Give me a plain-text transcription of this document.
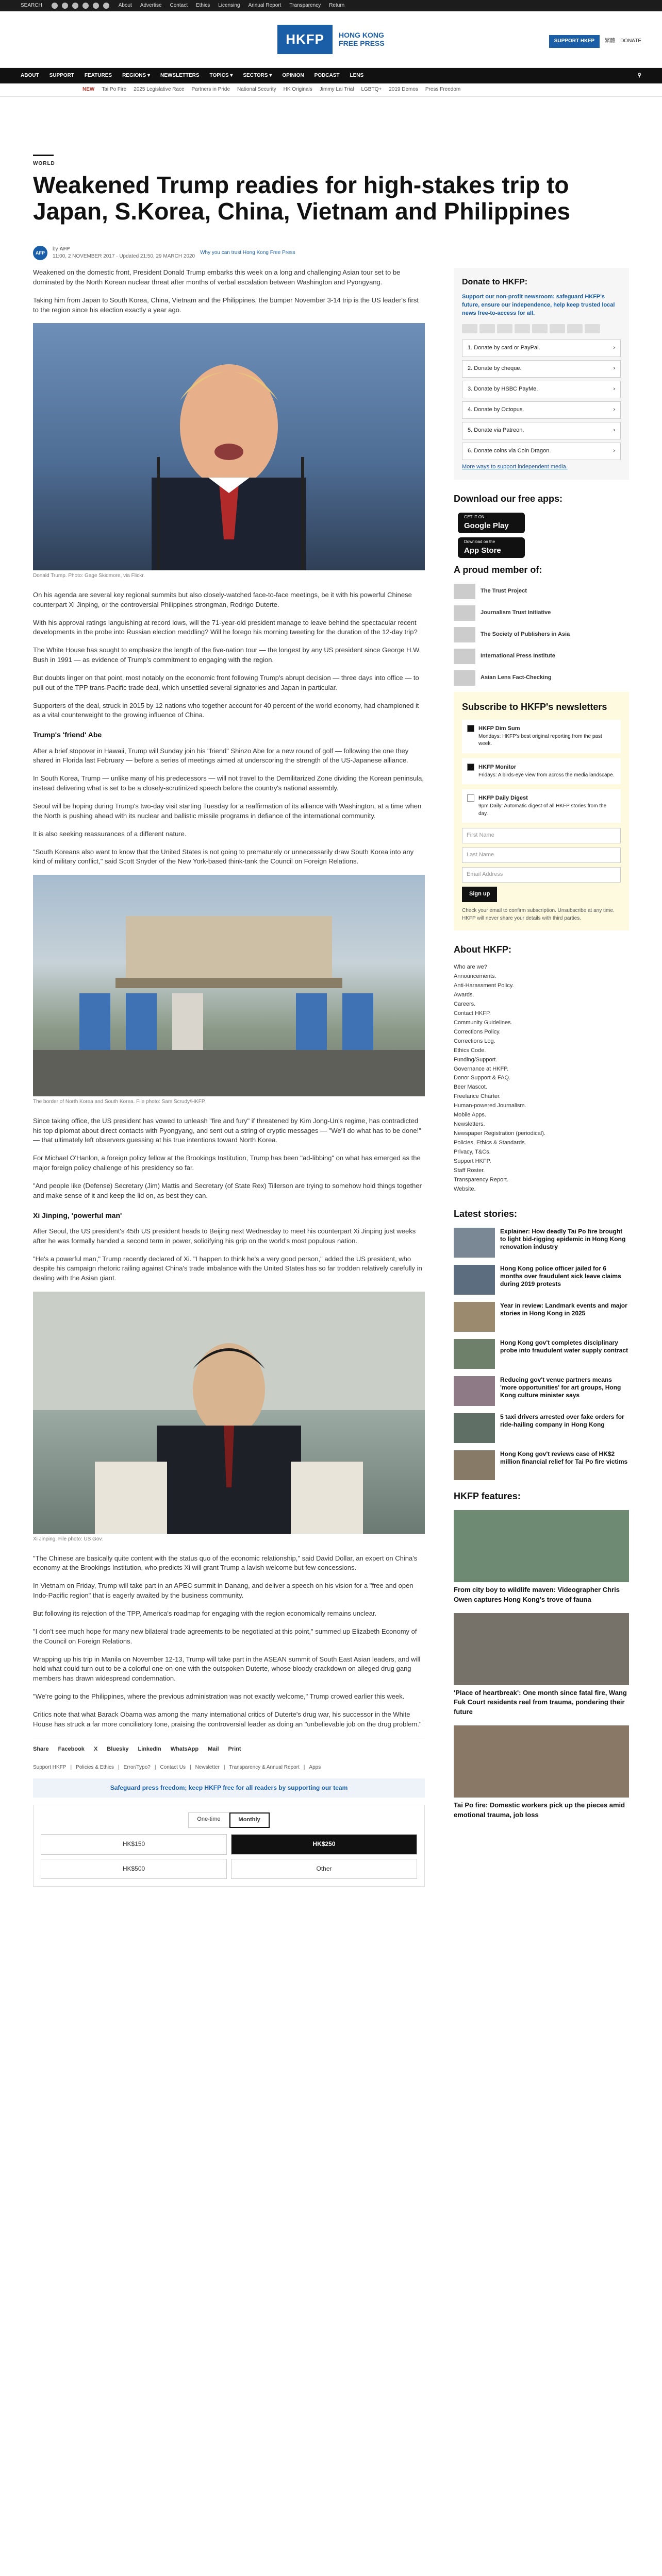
SEARCH	About Advertise Contact Ethics Licensing Annual Report Transparency Return
HKFP	HONG KONG
FREE PRESS	SUPPORT HKFP	繁體 DONATE
ABOUT SUPPORT FEATURES REGIONS ▾ NEWSLETTERS TOPICS ▾ SECTORS ▾ OPINION PODCAST LENS	⚲
NEW Tai Po Fire 2025 Legislative Race Partners in Pride National Security HK Originals Jimmy Lai Trial LGBTQ+ 2019 Demos Press Freedom
WORLD
Weakened Trump readies for high-stakes trip to Japan, S.Korea, China, Vietnam and Philippines
AFP
by AFP
11:00, 2 NOVEMBER 2017 · Updated 21:50, 29 MARCH 2020
Why you can trust Hong Kong Free Press

Weakened on the domestic front, President Donald Trump embarks this week on a long and challenging Asian tour set to be dominated by the North Korean nuclear threat after months of verbal escalation between Washington and Pyongyang.

Taking him from Japan to South Korea, China, Vietnam and the Philippines, the bumper November 3-14 trip is the US leader's first to the region since his election exactly a year ago.

Donald Trump. Photo: Gage Skidmore, via Flickr.

On his agenda are several key regional summits but also closely-watched face-to-face meetings, be it with his powerful Chinese counterpart Xi Jinping, or the controversial Philippines strongman, Rodrigo Duterte.

With his approval ratings languishing at record lows, will the 71-year-old president manage to leave behind the spectacular recent developments in the probe into Russian election meddling? Will he forego his morning tweeting for the duration of the 12-day trip?

The White House has sought to emphasize the length of the five-nation tour — the longest by any US president since George H.W. Bush in 1991 — as evidence of Trump's commitment to engaging with the region.

But doubts linger on that point, most notably on the economic front following Trump's abrupt decision — three days into office — to pull out of the TPP trans-Pacific trade deal, which unsettled several signatories and Japan in particular.

Supporters of the deal, struck in 2015 by 12 nations who together account for 40 percent of the world economy, had championed it as a vital counterweight to the growing influence of China.

Trump's 'friend' Abe

After a brief stopover in Hawaii, Trump will Sunday join his "friend" Shinzo Abe for a new round of golf — following the one they shared in Florida last February — before a series of meetings aimed at underscoring the strength of the US-Japanese alliance.

In South Korea, Trump — unlike many of his predecessors — will not travel to the Demilitarized Zone dividing the Korean peninsula, instead delivering what is set to be a closely-scrutinized speech before the country's national assembly.

Seoul will be hoping during Trump's two-day visit starting Tuesday for a reaffirmation of its alliance with Washington, at a time when the North is pushing ahead with its nuclear and ballistic missile programs in defiance of the international community.

It is also seeking reassurances of a different nature.

"South Koreans also want to know that the United States is not going to prematurely or unnecessarily draw South Korea into any kind of military conflict," said Scott Snyder of the New York-based think-tank the Council on Foreign Relations.

The border of North Korea and South Korea. File photo: Sam Scrudy/HKFP.

Since taking office, the US president has vowed to unleash "fire and fury" if threatened by Kim Jong-Un's regime, has contradicted his top diplomat about direct contacts with Pyongyang, and sent out a string of cryptic messages — "We'll do what has to be done!" — that ultimately left observers guessing at his true intentions toward North Korea.

For Michael O'Hanlon, a foreign policy fellow at the Brookings Institution, Trump has been "ad-libbing" on what has emerged as the major foreign policy challenge of his presidency so far.

"And people like (Defense) Secretary (Jim) Mattis and Secretary (of State Rex) Tillerson are trying to somehow hold things together and make sense of it and keep the lid on, as best they can.

Xi Jinping, 'powerful man'

After Seoul, the US president's 45th US president heads to Beijing next Wednesday to meet his counterpart Xi Jinping just weeks after he was formally handed a second term in power, solidifying his grip on the world's most populous nation.

"He's a powerful man," Trump recently declared of Xi. "I happen to think he's a very good person," added the US president, who despite his campaign rhetoric railing against China's trade imbalance with the United States has so far trodden relatively carefully in dealing with the Asian giant.

Xi Jinping. File photo: US Gov.

"The Chinese are basically quite content with the status quo of the economic relationship," said David Dollar, an expert on China's economy at the Brookings Institution, who predicts Xi will grant Trump a lavish welcome but few concessions.

In Vietnam on Friday, Trump will take part in an APEC summit in Danang, and deliver a speech on his vision for a "free and open Indo-Pacific region" that is eagerly awaited by the business community.

But following its rejection of the TPP, America's roadmap for engaging with the region economically remains unclear.

"I don't see much hope for many new bilateral trade agreements to be negotiated at this point," summed up Elizabeth Economy of the Council on Foreign Relations.

Wrapping up his trip in Manila on November 12-13, Trump will take part in the ASEAN summit of South East Asian leaders, and will hold what could turn out to be a colorful one-on-one with the outspoken Duterte, whose bloody crackdown on alleged drug gang members has drawn widespread condemnation.

"We're going to the Philippines, where the previous administration was not exactly welcome," Trump crowed earlier this week.

Critics note that what Barack Obama was among the many international critics of Duterte's drug war, his successor in the White House has struck a far more conciliatory tone, praising the controversial leader as doing an "unbelievable job on the drug problem."

Share Facebook X Bluesky LinkedIn WhatsApp Mail Print
Support HKFP | Policies & Ethics | Error/Typo? | Contact Us | Newsletter | Transparency & Annual Report | Apps
Safeguard press freedom; keep HKFP free for all readers by supporting our team
One-time	Monthly
HK$150	HK$250
HK$500	Other
Donate to HKFP:
Support our non-profit newsroom: safeguard HKFP's future, ensure our independence, help keep trusted local news free-to-access for all.
1. Donate by card or PayPal.	›
2. Donate by cheque.	›
3. Donate by HSBC PayMe.	›
4. Donate by Octopus.	›
5. Donate via Patreon.	›
6. Donate coins via Coin Dragon.	›
More ways to support independent media.
Download our free apps:
GET IT ON
Google Play
Download on the
App Store
A proud member of:
The Trust Project
Journalism Trust Initiative
The Society of Publishers in Asia
International Press Institute
Asian Lens Fact-Checking
Subscribe to HKFP's newsletters
HKFP Dim Sum
Mondays: HKFP's best original reporting from the past week.
HKFP Monitor
Fridays: A birds-eye view from across the media landscape.
HKFP Daily Digest
9pm Daily: Automatic digest of all HKFP stories from the day.
First Name
Last Name
Email Address
Sign up
Check your email to confirm subscription. Unsubscribe at any time. HKFP will never share your details with third parties.
About HKFP:
Who are we?
Announcements.
Anti-Harassment Policy.
Awards.
Careers.
Contact HKFP.
Community Guidelines.
Corrections Policy.
Corrections Log.
Ethics Code.
Funding/Support.
Governance at HKFP.
Donor Support & FAQ.
Beer Mascot.
Freelance Charter.
Human-powered Journalism.
Mobile Apps.
Newsletters.
Newspaper Registration (periodical).
Policies, Ethics & Standards.
Privacy, T&Cs.
Support HKFP.
Staff Roster.
Transparency Report.
Website.
Latest stories:
Explainer: How deadly Tai Po fire brought to light bid-rigging epidemic in Hong Kong renovation industry
Hong Kong police officer jailed for 6 months over fraudulent sick leave claims during 2019 protests
Year in review: Landmark events and major stories in Hong Kong in 2025
Hong Kong gov't completes disciplinary probe into fraudulent water supply contract
Reducing gov't venue partners means 'more opportunities' for art groups, Hong Kong culture minister says
5 taxi drivers arrested over fake orders for ride-hailing company in Hong Kong
Hong Kong gov't reviews case of HK$2 million financial relief for Tai Po fire victims
HKFP features:
From city boy to wildlife maven: Videographer Chris Owen captures Hong Kong's trove of fauna
'Place of heartbreak': One month since fatal fire, Wang Fuk Court residents reel from trauma, pondering their future
Tai Po fire: Domestic workers pick up the pieces amid emotional trauma, job loss
